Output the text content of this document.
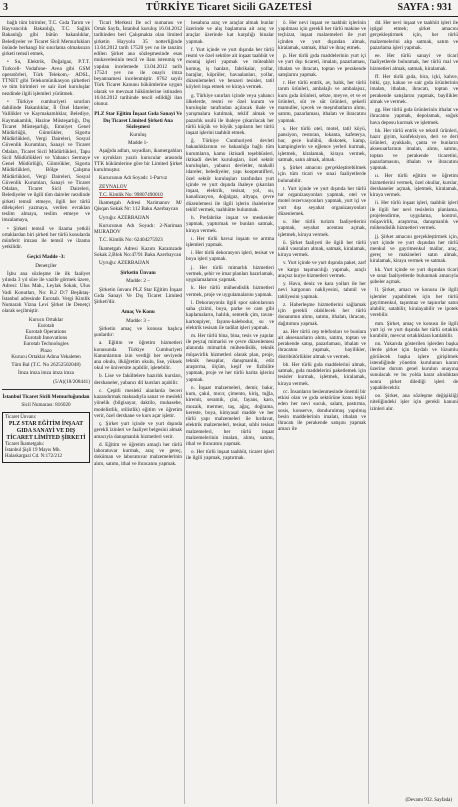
3	TÜRKİYE Ticaret Sicili GAZETESİ	SAYFA : 931

bağlı tüm birimler, T.C. Gıda Tarım ve Hayvancılık Bakanlığı, T.C. Sağlık Bakanlığı gibi bütün bakanlıklar, Belediyeler ve Ticaret Sicil Memurlukları önünde herhangi bir sınırlama olmaksızın şirketi temsil etmek,

• Su, Elektrik, Doğalgaz, P.T.T. Turkcell- Vodafone- Avea gibi GSM operatörleri, Türk Telekom,- ADSL, TTNET gibi Telekomünikasyon şirketleri ve tüm birimleri ve sair özel kuruluşlar nezdinde ilgili işlemleri yürütmek.

• Türkiye cumhuriyeti sınırları dahilinde Bakanlıklar, İl Özel İdareler, Valilikler ve Kaymakamlıklar, Belediye, Kaymakamlık, Hazine Müsteşarlığı, Dış Ticaret Müsteşarlığı, Emniyet Genel Müdürlüğü, Gümrükler, Sigorta Müdürlükleri, Vergi Daireleri, Sosyal Güvenlik Kurumları, Sanayi ve Ticaret Odaları, Ticaret Sicil Müdürlükleri, Tapu Sicil Müdürlükleri ve Yabancı Sermaye Genel Müdürlüğü, Gümrükler, Sigorta Müdürlükleri, Bölge Çalışma Müdürlükleri, Vergi Daireleri, Sosyal Güvenlik Kurumları, Sanayi ve Ticaret Odaları, Ticaret Sicil Daireleri, Belediyeler ve ilgili tüm daireler nezdinde şirketi temsil etmeye, ilgili her türlü dilekçeleri yazmaya, verilen evraklan teslim almaya, teslim etmeye ve imzalamaya,

• Şirketi temsil ve ilzama yetkili ortaklardan biri şirketi her türlü konularda münferit imzası ile temsil ve ilzama yetkilidir.

Geçici Madde -3:
Denetçiler

İşbu ana sözleşme ile ilk faaliyet yılında 3 yıl süre ile vazife görmek üzere, Adresi: Ulus Mah., Leylak Sokak, Ulus Vadi Konutları, No: B.2 D:7 Beşiktaş-İstanbul adresinde Eurotab. Vergi Kimlik Numaralı Vizna Levi Şirket ile Denetçi olarak seçilmiştir.

Kurucu Ortaklar
Eurotab
Eurotab Operations
Eurotab Innovations
Eurotab Technologies
Plazo

Kurucu Ortaklar Adına Vekaleten

Tüm Bal (T.C. No 26252502048)

İmza imza imza imza imza

(5/A)(18/208441)
İstanbul Ticaret Sicili Memurluğundan
Sicil Numarası: 816020
Ticaret Ünvanı:
PLZ STAR EĞİTİM İNŞAAT GIDA SANAYİ VE DIŞ TİCARET LİMİTED ŞİRKETİ
Ticaret İkametgahı:
İstanbul Şişli 19 Mayıs Mh. Halaskargazi Cd. N:172/212

Ticari Merkezi İle ocl numarası ve Ortak Sayfa, İstanbul kuruluş 16.04.2012 tarihinden beri Çalışmakta olan limited şirketin Hayyolu 35 notterliğinde 13.04.2012 tarih 17520 yev no ile tanzim edilen Şirket ana sözleşmesinde esas mukavelesinin tescil ve ilanı istenmiş ve yapılan incelemede 13.04.2012 tarih 17524 yev no ile onaylı imza beyannamesi incelenmiştir. 6762 sayılı Türk Ticaret Kanunu hükümlerine uygun olarak ve mevzuat hükümlerine istinaden 16.04.2012 tarihinde tescil edildiği ilan olunur.

PLZ Star Eğitim İnşaat Gıda Sanayi Ve Dış Ticaret Limited Şirketi Ana Sözleşmesi
Kuruluş
Madde 1-

Aşağıda adları, soyadları, ikametgahları ve uyrukları yazılı kurucular arasında TTK hükümlerine göre bir Limited Şirket kurulmuştur.

Kurucunun Adı Soyadı: 1-Parvız

ZEYNALOV

T.C. Kimlik No: 99807490010

İkametgah Adresi Narimanov M/ Qisqan Sokak Nr: 112 Baku Azerbaycan

Uyruğu: AZERBAIJAN

Kurucunun Adı Soyadı: 2-Nariman MURADOV

T.C. Kimlik No: 62404275923

İkametgah Adresi Kazım Karamzade Sokak 2,Blok No:47/91 Baku Azerbaycan

Uyruğu: AZERBAIJAN

Şirketin Ünvanı
Madde: 2 –

Şirketin ünvanı PLZ Star Eğitim İnşaat Gıda Sanayi Ve Dış Ticaret Limited Şirketi'dir.

Amaç Ve Konu
Madde: 3 –

Şirketin amaç ve konusu başlıca şunlardır:

a. Eğitim ve öğretim hizmetleri konusunda Türkiye Cumhuriyeti Kanunlarının izin verdiği her seviyede ana okulu, ilköğretim okulu, lise, yüksek okul ve üniversite açabilir, işletebilir.

b. Lise ve fakültelere hazırlık kursları, dershaneler, yabancı dil kursları açabilir.

c. Çeşitli meslekî alanlarda beceri kazandırmak maksadıyla sanat ve meslekî yönelik (bilgisayar, daktilo, muhasebe, modelistlik, stilistlik) eğitim ve öğretim verir, özel dershane ve kurs açar işletir.

ç. Şirket yurt içinde ve yurt dışında gerekli izinleri ve faaliyet belgesini almak amacıyla danışmanlık hizmetleri verir.

d. Eğitim ve öğretim amaçlı her türlü laboratuvar kurmak, araç ve gereç, doküman ve laboratuvar malzemelerinin alım, satımı, ithal ve ihracatını yapmak.

hesabına araç ve araçlar almak bunlar üzerinde ve alış başlamına ait araç ve araçlar üzerinde kat karşılığı binalar yapmak.

f. Yurt içinde ve yurt dışında her türlü resmi ve özel sektöre ait inşaat taahhüt ve montaj işleri yapmak ve müteahhit komuş, iş hanları, fabrikalar, yollar, barajlar, köprüler, havaalanları, yollar, düzenlemeleri ve benzeri tesisler, tatil köyleri inşa etmek ve kiraya vermek.

g. Türkiye sınırları içinde veya yabancı ülkelerde, resmi ve özel kurum ve kuruluşlar tarafından açılacak ihale ve yarışmalara katılmak, teklif almak ve pazarlık usulü ile ihaleye çıkarılacak her türlü küçük ve büyük yapıların her türlü inşaat işlerini taahhüt etmek.

ğ. Türkiye Cumhuriyeti devleti bakanlıklarının ve bakanlığa bağlı tüm kurumların, kamu iktisadi teşebbüsleri, iktisadi devlet kuruluşları, özel sektör kuruluşları, yabancı devletler, mahalli idareler, belediyeler, yapı kooperatifleri, özel sektör kuruluşları tarafından yurt içinde ve yurt dışında ihaleye çıkarılan inşaat, elektrik, tesisat, yol, su, kanalizasyon, doğalgaz, altyapı, çevre düzenlemesi ile ilgili işlerin ihalelerine teklif vermek, taahhütte bulunmak.

h. Prefabrike inşaat ve meskenler yapmak, yaptırmak ve bunları satmak, kiraya vermek.

ı. Her türlü havuz inşaatı ve arıtma işlemleri yapmak.

i. Her türlü dekorasyon işleri, tesisat ve boya işleri yapmak.

j. Her türlü mimarlık hizmetleri vermek, şehir ve imar planları hazırlamak, uygulamalarını yapmak.

k. Her türlü mühendislik hizmetleri vermek, proje ve uygulamalarını yapmak.

l. Dekorasyonla ilgili spor salonlarının saha çizimi, boya, parke ve cam gibi kaplamaların, halılık, sentetik çim, tavan-kartonpiyer, fayans-kalebodur, su ve elektrik tesisatı ile tadilat işleri yapmak.

m. Her türlü bina, bina, tesis ve yapılar ile peyzaj mimarisi ve çevre düzenlemesi alanında mimarlık mühendislik, teknik müşavirlik hizmetleri olarak plan, proje, teknik hesaplar, danışmanlık, etüt araştırma, ölçüm, keşif ve fizibilite yapmak, proje ve her türlü harita işlerini yapmak.

n. İnşaat malzemeleri, demir, bakır, kum, çakıl, mıcır, çimento, kiriş, tuğla, kiremit, seramik, çini, fayans, karo, mozaik, mermer, taş, ağaç, doğrama, kereste, boya, kimyasal madde ve her türlü yapı malzemeleri ile hırdavat, elektrik malzemeleri, tesisat, sıhhi tesisat malzemeleri, her türlü inşaat malzemelerinin imalatı, alımı, satımı, ithal ve ihracatını yapmak.

o. Her türlü inşaat taahhüt, ticaret işleri ile ilgili yapmak, yaptırmak.

ö. Her nevi inşaat ve taahhüt işlerinin yapılması için gerekli her türlü makine ve teçhizat, inşaat malzemeleri ile yurt içinden ve yurt dışından almak, kiralamak, satmak, ithal ve ihraç etmek.

p. Her türlü gıda maddelerinin yurt içi ve yurt dışı ticareti, imalatı, pazarlaması, ithalatı ve ihracatı, toptan ve perakende satışlarını yapmak.

r. Her türlü entrik, av, balık, her türlü tarım ürünleri, ambalajlı ve ambalajsız, kuru gıda ürünleri, sebze, meyve, et ve et ürünleri, süt ve süt ürünleri, şekerli mamuller, içecek ve meşrubatların alımı, satımı, pazarlaması, ithalatı ve ihracatını yapmak.

s. Her türlü otel, motel, tatil köyü, pansiyon, restoran, lokanta, kafeterya, bar, gece kulübü, diskotek, kamp, kampinglerin ve eğlence yerleri kurmak, işletmek, kiralamak, kiraya vermek, satmak, satın almak, almak.

ş. Şirket amacını gerçekleştirebilmek için tüm ticari ve sınai faaliyetlerde bulunabilir.

t. Yurt içinde ve yurt dışında her türlü tur organizasyonları yapmak, otel ve motel rezervasyonları yapmak, yurt içi ve yurt dışı seyahat organizasyonları düzenlemek.

u. Her türlü turizm faaliyetlerini yapmak, seyahat acentası açmak, işletmek, kiraya vermek.

ü. Şirket faaliyeti ile ilgili her türlü nakil vasıtaları almak, satmak, kiralamak, kiraya vermek.

v. Yurt içinde ve yurt dışında paket, zarf ve kargo taşımacılığı yapmak, araçlı araçsız kurye hizmetleri vermek.

y. Hava, deniz ve kara yolları ile her nevi kargonun nakliyesini, tahmil ve tahliyesini yapmak.

z. Haberleşme hizmetlerini sağlamak için gerekli olabilecek her türlü donanımın alımı, satımı, ithalatı, ihracatı, dağıtımını yapmak.

aa. Her türlü cep telefonları ve bunlara ait aksesuarların alımı, satımı, toptan ve perakende satışı, pazarlaması, ithalatı ve ihracatını yapmak, bayilikler, distribütörlükler almak ve vermek.

bb. Her türlü gıda maddelerini almak, satmak, gıda maddelerini paketlemek için tesisler kurmak, işletmek, kiralamak, kiraya vermek.

cc. İnsanların beslenmesinde önemli bir etkisi olan ve gıda sektörüne konu teşkil eden her nevi sucuk, salam, pastırma, sosis, konserve, dondurulmuş yapılmış besin maddelerinin imalatı, ithalatı ve ihracatı ile perakende satışını yapmak amacı ile

dd. Her nevi inşaat ve taahhüt işleri ile iştigal etmek; şirket amacını gerçekleştirmek için, her türlü malzemelerini alıp satmak, satım ve pazarlama işleri yapmak.

ee. Her türlü sanayi ve ticari faaliyetlerde bulunmak, her türlü mal ve hizmetleri almak, satmak, kiralamak.

ff. Her türlü gıda, bira, içki, kahve, bitki, çay, kakao ve sair gıda ürünlerinin imalatı, ithalatı, ihracatı, toptan ve perakende satışlarını yapmak, bayilikler almak ve vermek.

gg. Her türlü gıda ürünlerinin ithalat ve ihracatını yapmak, depolamak, soğuk hava deposu kurmak ve işletmek.

hh. Her türlü entrik ve tekstil ürünleri, hazır giyim, konfeksiyon, deri ve deri ürünleri, ayakkabı, çanta ve bunların aksesuarlarının imalatı, alımı, satımı, toptan ve perakende ticaretini, pazarlamasını, ithalatı ve ihracatını yapmak.

ıı. Her türlü eğitim ve öğretim hizmetlerini vermek, özel okullar, kurslar, dershaneler açmak, işletmek, kiralamak, kiraya vermek.

ii. Her türlü inşaat işleri, taahhüt işleri ile ilgili her nevi tesislerin planlama, projelendirme, uygulama, kontrol, müşavirlik, araştırma, danışmanlık ve mühendislik hizmetleri vermek.

jj. Şirket amacını gerçekleştirmek için, yurt içinde ve yurt dışından her türlü menkul ve gayrimenkul mallar, araç, gereç ve makineleri satın almak, kiralamak, kiraya vermek ve satmak.

kk. Yurt içinde ve yurt dışından ticari ve sınai faaliyetlerde bulunmak amacıyla şubeler açmak.

ll. Şirket, amacı ve konusu ile ilgili işlemler yapabilmek için her türlü gayrimenkul, taşınmaz ve taşınırlar satın alabilir, satabilir, kiralayabilir ve ipotek verebilir.

mm. Şirket, amaç ve konusu ile ilgili yurt içi ve yurt dışında her türlü ortaklık kurabilir, mevcut ortaklıklara katılabilir.

nn. Yukarıda gösterilen işlerden başka ilerde şirket için faydalı ve lüzumlu görülecek başka işlere girişilmek istendiğinde yönetim kurulunun kararı üzerine durum genel kurulun onayına sunulacak ve bu yolda karar alındıktan sonra şirket dilediği işleri de yapabilecektir.

oo. Şirket, ana sözleşme değişikliği niteliğindeki işler için gerekli kanuni izinleri alır.

(Devamı 932. Sayfada)
